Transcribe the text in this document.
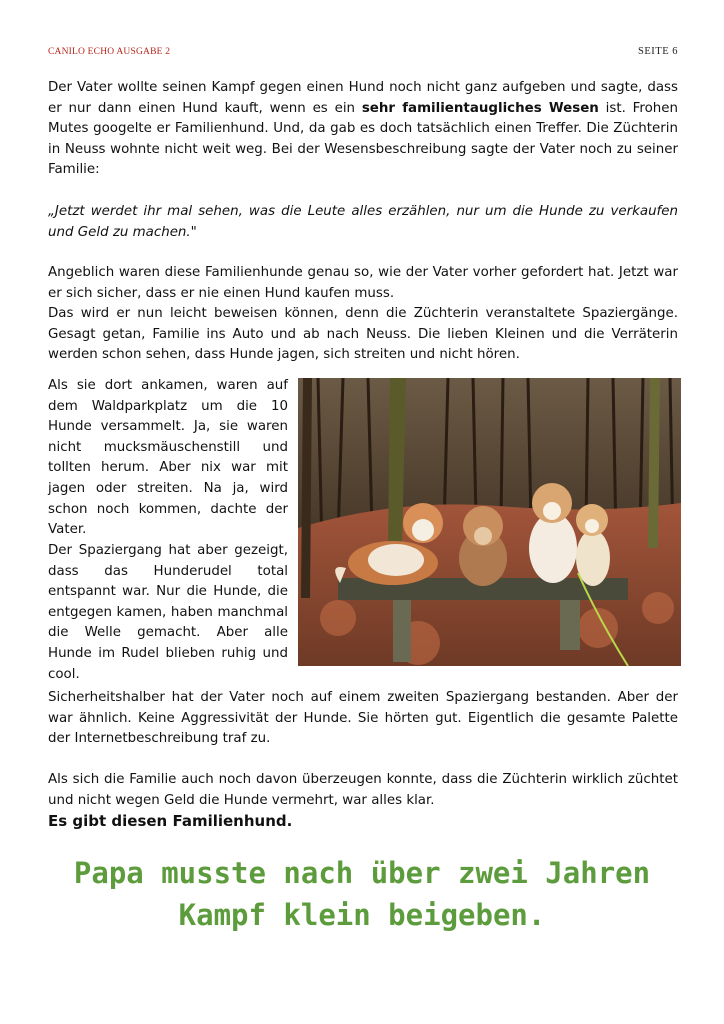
CANILO ECHO AUSGABE 2	SEITE 6

Der Vater wollte seinen Kampf gegen einen Hund noch nicht ganz aufgeben und sagte, dass er nur dann einen Hund kauft, wenn es ein sehr familientaugliches Wesen ist. Frohen Mutes googelte er Familienhund. Und, da gab es doch tatsächlich einen Treffer. Die Züchterin in Neuss wohnte nicht weit weg. Bei der Wesensbeschreibung sagte der Vater noch zu seiner Familie:

„Jetzt werdet ihr mal sehen, was die Leute alles erzählen, nur um die Hunde zu verkaufen und Geld zu machen."

Angeblich waren diese Familienhunde genau so, wie der Vater vorher gefordert hat. Jetzt war er sich sicher, dass er nie einen Hund kaufen muss.

Das wird er nun leicht beweisen können, denn die Züchterin veranstaltete Spaziergänge. Gesagt getan, Familie ins Auto und ab nach Neuss. Die lieben Kleinen und die Verräterin werden schon sehen, dass Hunde jagen, sich streiten und nicht hören.

Als sie dort ankamen, waren auf dem Waldparkplatz um die 10 Hunde versammelt. Ja, sie waren nicht mucksmäuschenstill und tollten herum. Aber nix war mit jagen oder streiten. Na ja, wird schon noch kommen, dachte der Vater.

Der Spaziergang hat aber gezeigt, dass das Hunderudel total entspannt war. Nur die Hunde, die entgegen kamen, haben manchmal die Welle gemacht. Aber alle Hunde im Rudel blieben ruhig und cool.

Sicherheitshalber hat der Vater noch auf einem zweiten Spaziergang bestanden. Aber der war ähnlich. Keine Aggressivität der Hunde. Sie hörten gut. Eigentlich die gesamte Palette der Internetbeschreibung traf zu.

Als sich die Familie auch noch davon überzeugen konnte, dass die Züchterin wirklich züchtet und nicht wegen Geld die Hunde vermehrt, war alles klar.

Es gibt diesen Familienhund.

Papa musste nach über zwei Jahren Kampf klein beigeben.
